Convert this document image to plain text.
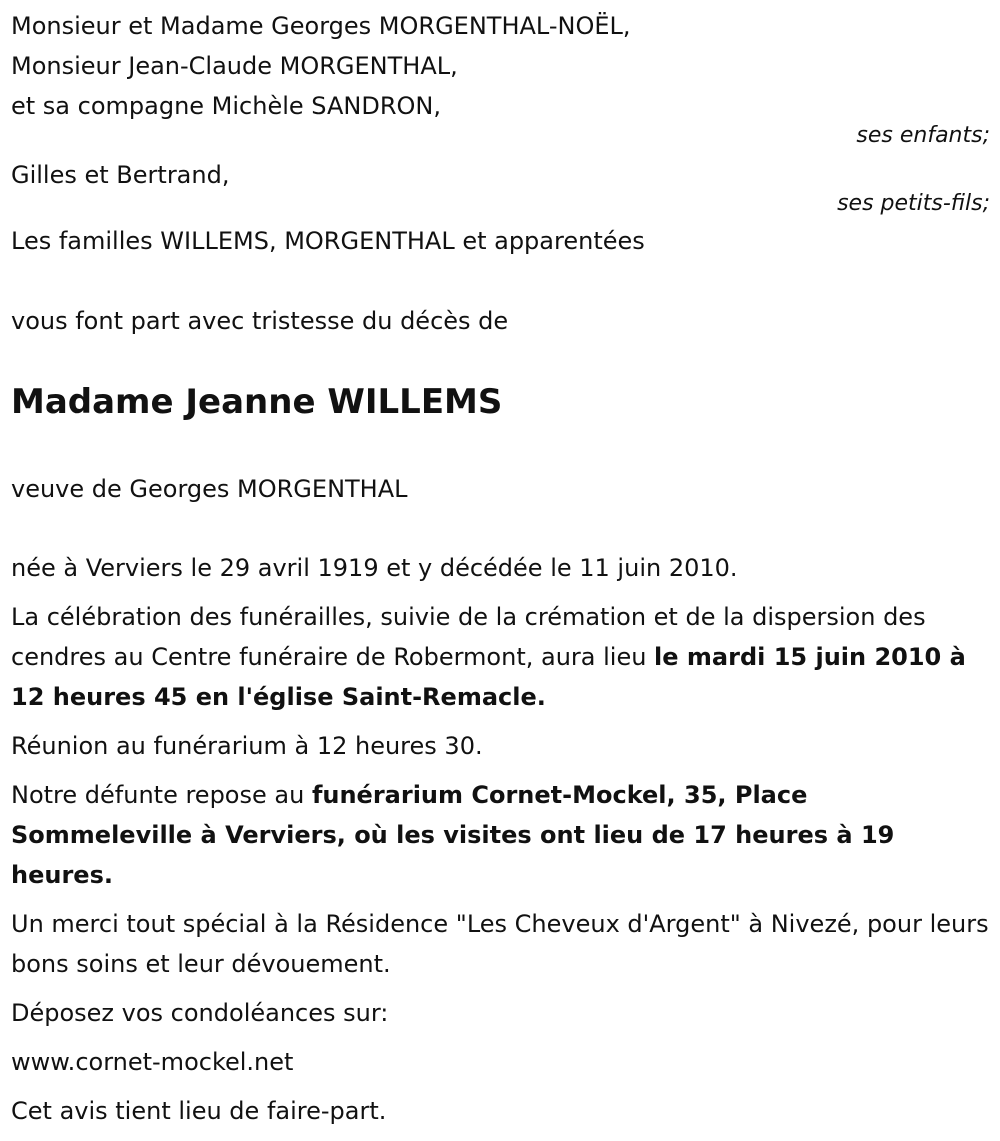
Monsieur et Madame Georges MORGENTHAL-NOËL,

Monsieur Jean-Claude MORGENTHAL,

et sa compagne Michèle SANDRON,

ses enfants;

Gilles et Bertrand,

ses petits-fils;

Les familles WILLEMS, MORGENTHAL et apparentées

vous font part avec tristesse du décès de

Madame Jeanne WILLEMS

veuve de Georges MORGENTHAL

née à Verviers le 29 avril 1919 et y décédée le 11 juin 2010.

La célébration des funérailles, suivie de la crémation et de la dispersion des cendres au Centre funéraire de Robermont, aura lieu le mardi 15 juin 2010 à 12 heures 45 en l'église Saint-Remacle.

Réunion au funérarium à 12 heures 30.

Notre défunte repose au funérarium Cornet-Mockel, 35, Place Sommeleville à Verviers, où les visites ont lieu de 17 heures à 19 heures.

Un merci tout spécial à la Résidence "Les Cheveux d'Argent" à Nivezé, pour leurs bons soins et leur dévouement.

Déposez vos condoléances sur:

www.cornet-mockel.net

Cet avis tient lieu de faire-part.
